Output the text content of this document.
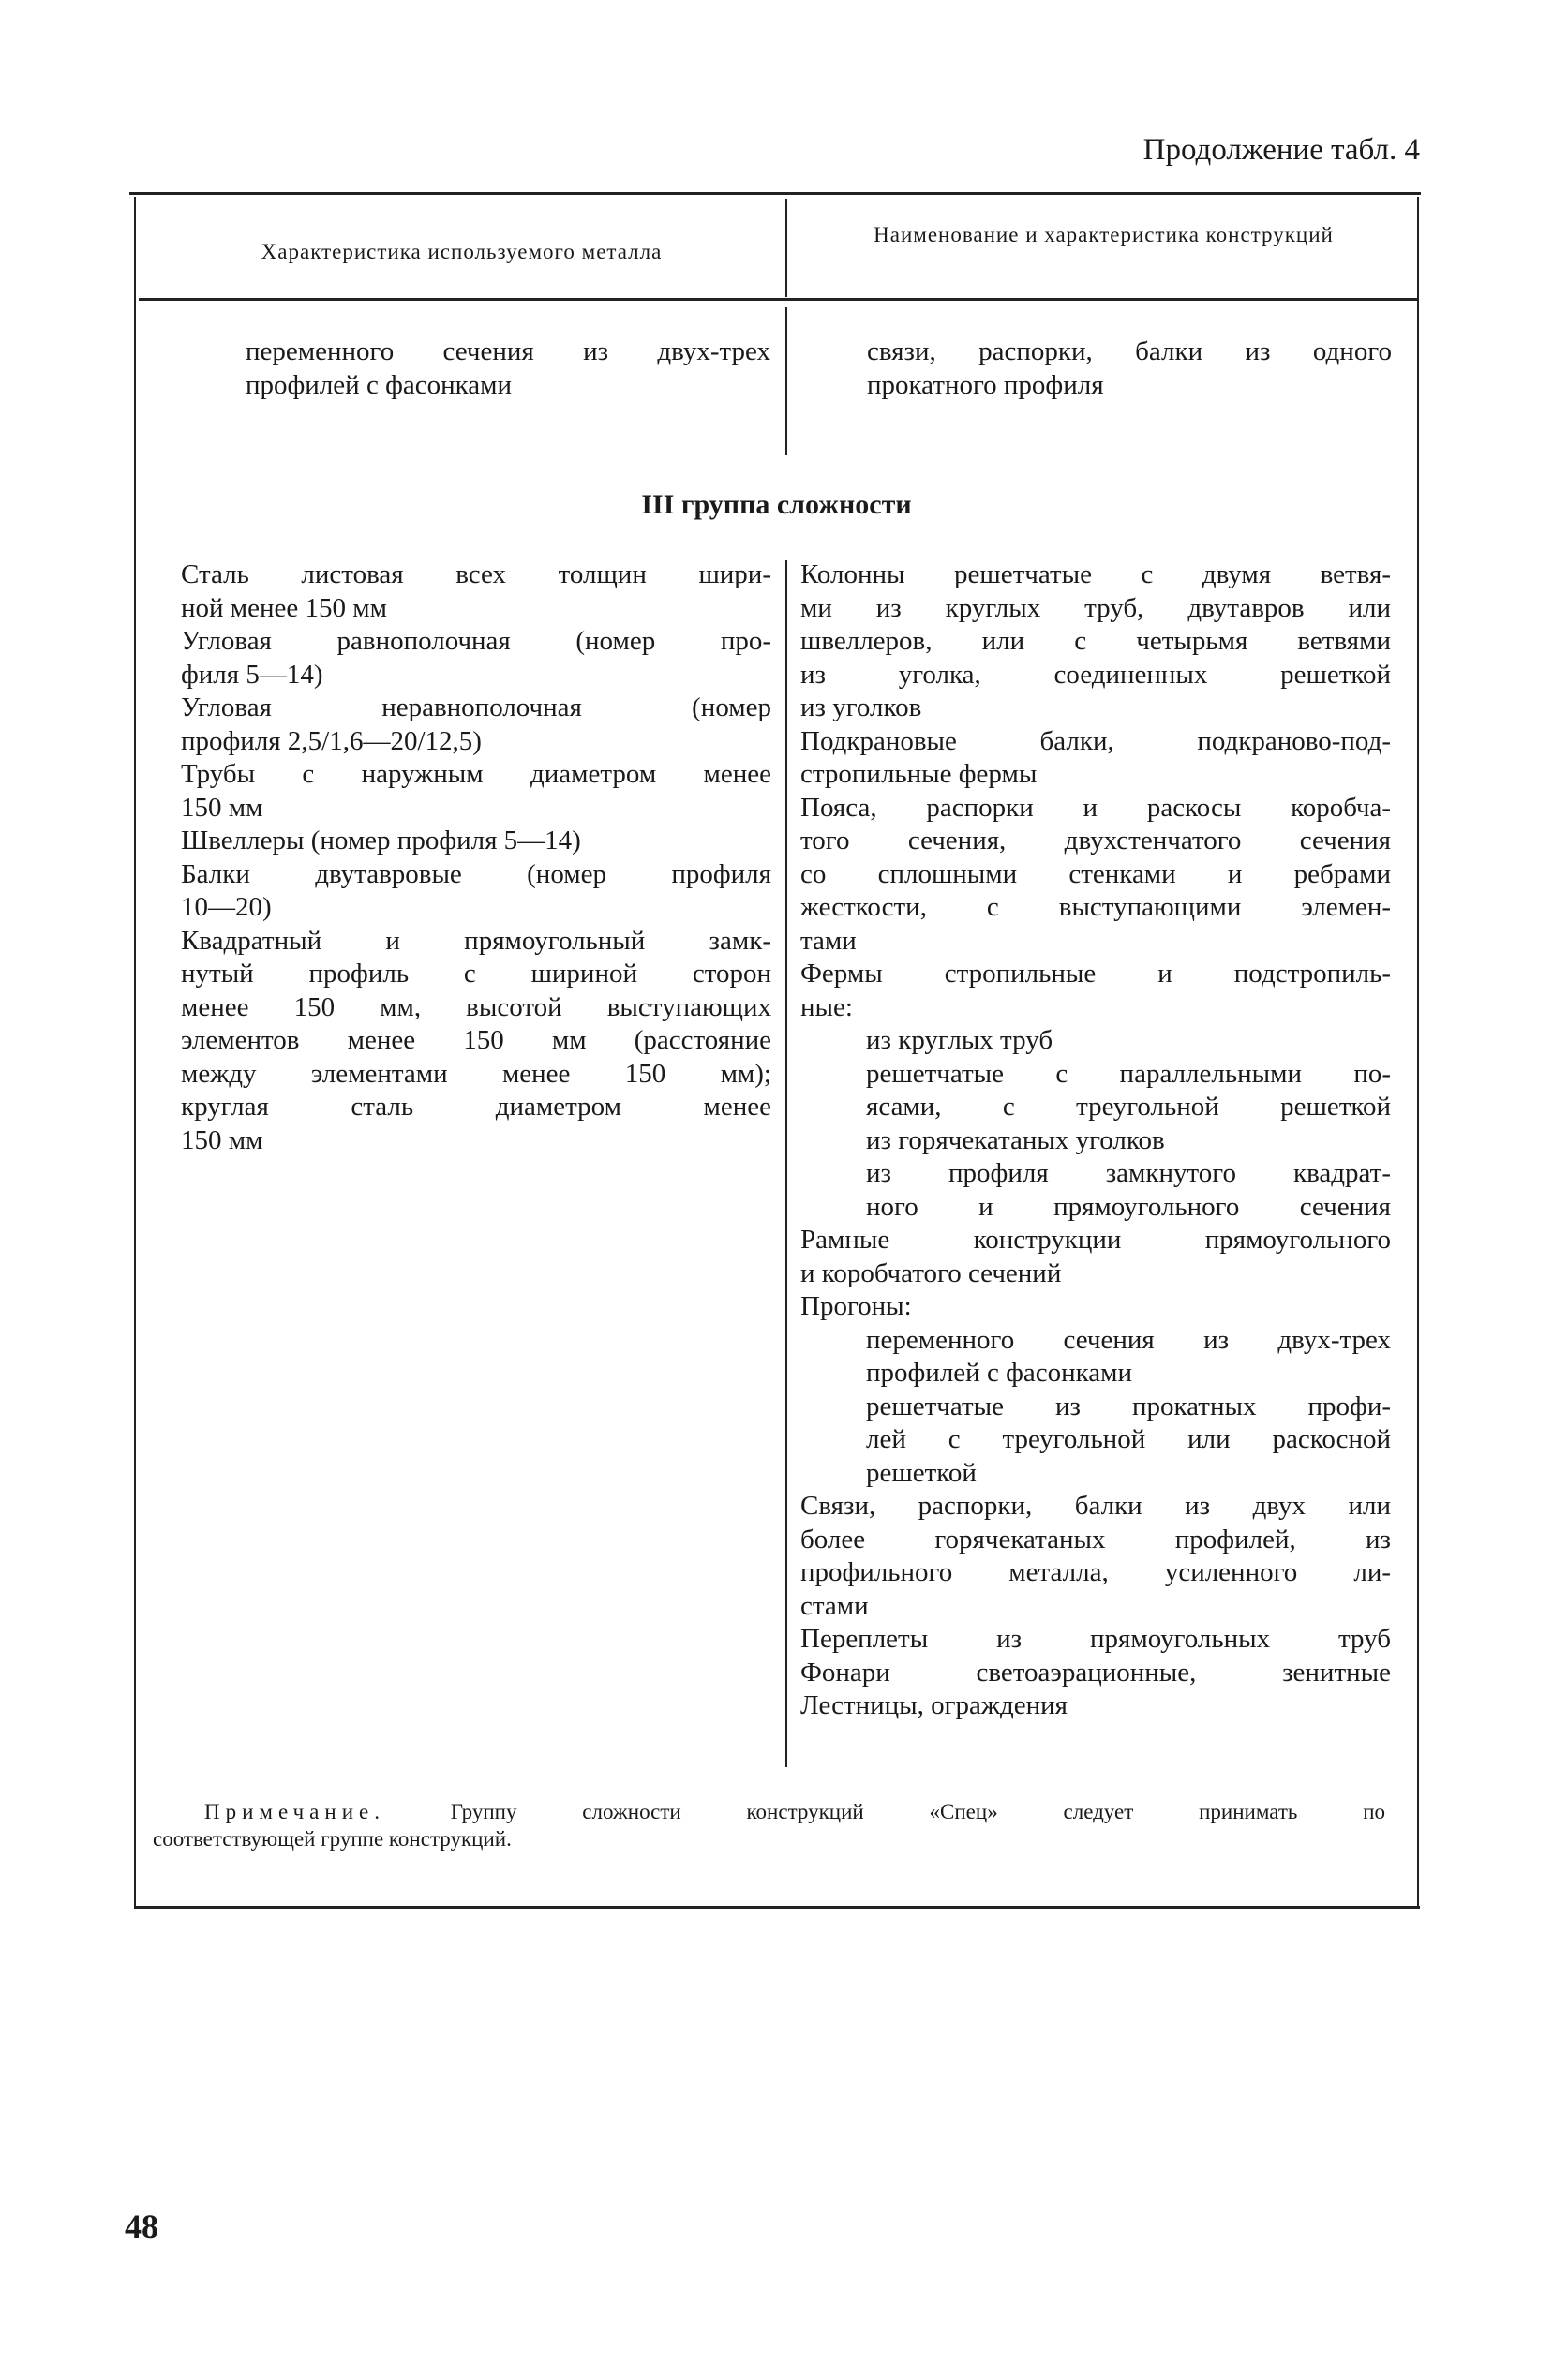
Продолжение табл. 4
Характеристика используемого металла
Наименование и характеристика конструкций
переменного сечения из двух-трех
профилей с фасонками
связи, распорки, балки из одного
прокатного профиля
III группа сложности
Сталь листовая всех толщин шири-
ной менее 150 мм
Угловая равнополочная (номер про-
филя 5—14)
Угловая неравнополочная (номер
профиля 2,5/1,6—20/12,5)
Трубы с наружным диаметром менее
150 мм
Швеллеры (номер профиля 5—14)
Балки двутавровые (номер профиля
10—20)
Квадратный и прямоугольный замк-
нутый профиль с шириной сторон
менее 150 мм, высотой выступающих
элементов менее 150 мм (расстояние
между элементами менее 150 мм);
круглая сталь диаметром менее
150 мм
Колонны решетчатые с двумя ветвя-
ми из круглых труб, двутавров или
швеллеров, или с четырьмя ветвями
из уголка, соединенных решеткой
из уголков
Подкрановые балки, подкраново-под-
стропильные фермы
Пояса, распорки и раскосы коробча-
того сечения, двухстенчатого сечения
со сплошными стенками и ребрами
жесткости, с выступающими элемен-
тами
Фермы стропильные и подстропиль-
ные:
из круглых труб
решетчатые с параллельными по-
ясами, с треугольной решеткой
из горячекатаных уголков
из профиля замкнутого квадрат-
ного и прямоугольного сечения
Рамные конструкции прямоугольного
и коробчатого сечений
Прогоны:
переменного сечения из двух-трех
профилей с фасонками
решетчатые из прокатных профи-
лей с треугольной или раскосной
решеткой
Связи, распорки, балки из двух или
более горячекатаных профилей, из
профильного металла, усиленного ли-
стами
Переплеты из прямоугольных труб
Фонари светоаэрационные, зенитные
Лестницы, ограждения
Примечание.	Группу сложности конструкций «Спец» следует принимать по
соответствующей группе конструкций.
48
